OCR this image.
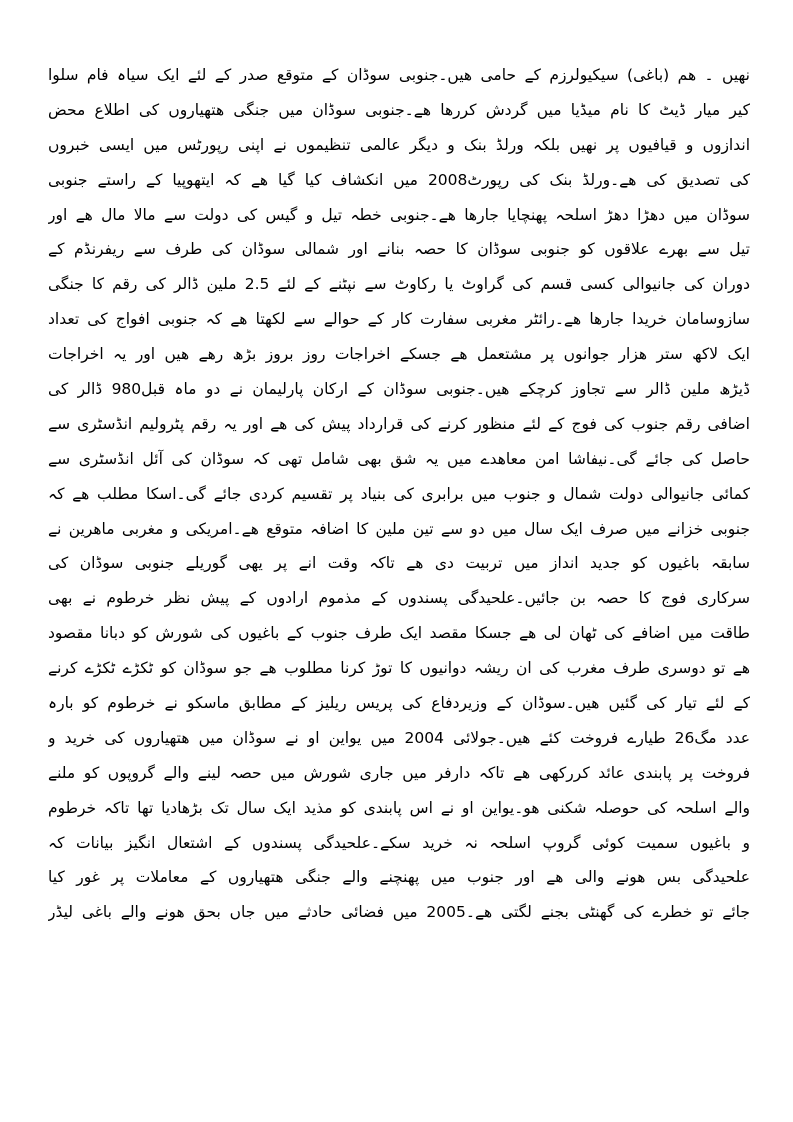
نھیں ۔ ھم (باغی) سیکیولرزم کے حامی ھیں۔جنوبی سوڈان کے متوقع صدر کے لئے ایک سیاہ فام سلوا
کیر میار ڈیٹ کا نام میڈیا میں گردش کررھا ھے۔جنوبی سوڈان میں جنگی ھتھیاروں کی اطلاع محض
اندازوں و قیافیوں پر نھیں بلکہ ورلڈ بنک و دیگر عالمی تنظیموں نے اپنی رپورٹس میں ایسی خبروں
کی تصدیق کی ھے۔ورلڈ بنک کی رپورٹ2008 میں انکشاف کیا گیا ھے کہ ایتھوپیا کے راستے جنوبی
سوڈان میں دھڑا دھڑ اسلحہ پھنچایا جارھا ھے۔جنوبی خطہ تیل و گیس کی دولت سے مالا مال ھے اور
تیل سے بھرے علاقوں کو جنوبی سوڈان کا حصہ بنانے اور شمالی سوڈان کی طرف سے ریفرنڈم کے
دوران کی جانیوالی کسی قسم کی گراوٹ یا رکاوٹ سے نپٹنے کے لئے 2.5 ملین ڈالر کی رقم کا جنگی
سازوسامان خریدا جارھا ھے۔رائٹر مغربی سفارت کار کے حوالے سے لکھتا ھے کہ جنوبی افواج کی تعداد
ایک لاکھ ستر ھزار جوانوں پر مشتعمل ھے جسکے اخراجات روز بروز بڑھ رھے ھیں اور یہ اخراجات
ڈیڑھ ملین ڈالر سے تجاوز کرچکے ھیں۔جنوبی سوڈان کے ارکان پارلیمان نے دو ماہ قبل980 ڈالر کی
اضافی رقم جنوب کی فوج کے لئے منظور کرنے کی قرارداد پیش کی ھے اور یہ رقم پٹرولیم انڈسٹری سے
حاصل کی جائے گی۔نیفاشا امن معاھدے میں یہ شق بھی شامل تھی کہ سوڈان کی آئل انڈسٹری سے
کمائی جانیوالی دولت شمال و جنوب میں برابری کی بنیاد پر تقسیم کردی جائے گی۔اسکا مطلب ھے کہ
جنوبی خزانے میں صرف ایک سال میں دو سے تین ملین کا اضافہ متوقع ھے۔امریکی و مغربی ماھرین نے
سابقہ باغیوں کو جدید انداز میں تربیت دی ھے تاکہ وقت انے پر یھی گوریلے جنوبی سوڈان کی
سرکاری فوج کا حصہ بن جائیں۔علحیدگی پسندوں کے مذموم ارادوں کے پیش نظر خرطوم نے بھی
طاقت میں اضافے کی ٹھان لی ھے جسکا مقصد ایک طرف جنوب کے باغیوں کی شورش کو دبانا مقصود
ھے تو دوسری طرف مغرب کی ان ریشہ دوانیوں کا توڑ کرنا مطلوب ھے جو سوڈان کو ٹکڑے ٹکڑے کرنے
کے لئے تیار کی گئیں ھیں۔سوڈان کے وزیردفاع کی پریس ریلیز کے مطابق ماسکو نے خرطوم کو بارہ
عدد مگ26 طیارے فروخت کئے ھیں۔جولائی 2004 میں یواین او نے سوڈان میں ھتھیاروں کی خرید و
فروخت پر پابندی عائد کررکھی ھے تاکہ دارفر میں جاری شورش میں حصہ لینے والے گروپوں کو ملنے
والے اسلحہ کی حوصلہ شکنی ھو۔یواین او نے اس پابندی کو مذید ایک سال تک بڑھادیا تھا تاکہ خرطوم
و باغیوں سمیت کوئی گروپ اسلحہ نہ خرید سکے۔علحیدگی پسندوں کے اشتعال انگیز بیانات کہ
علحیدگی بس ھونے والی ھے اور جنوب میں پھنچنے والے جنگی ھتھیاروں کے معاملات پر غور کیا
جائے تو خطرے کی گھنٹی بجنے لگتی ھے۔2005 میں فضائی حادثے میں جاں بحق ھونے والے باغی لیڈر
